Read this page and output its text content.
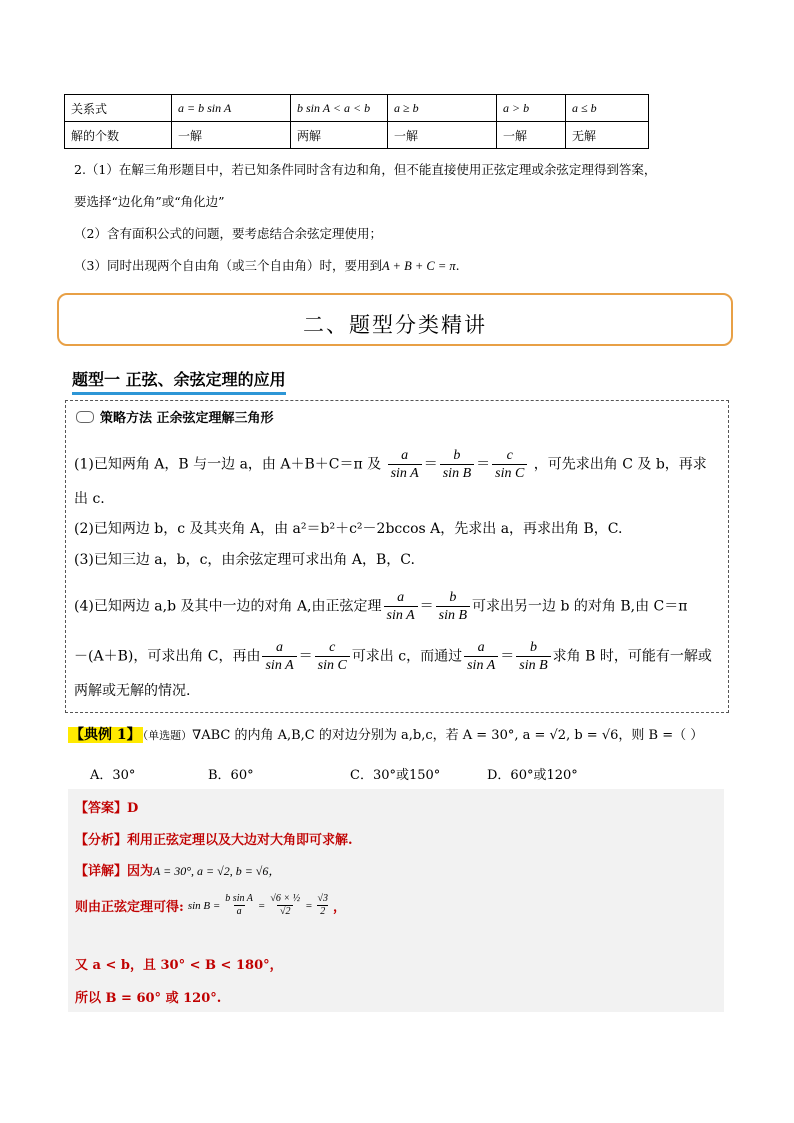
关系式	a = b sin A	b sin A < a < b	a ≥ b	a > b	a ≤ b
解的个数	一解	两解	一解	一解	无解
2.（1）在解三角形题目中，若已知条件同时含有边和角，但不能直接使用正弦定理或余弦定理得到答案，
要选择“边化角”或“角化边”
（2）含有面积公式的问题，要考虑结合余弦定理使用；
（3）同时出现两个自由角（或三个自由角）时，要用到A + B + C = π.
二、题型分类精讲
题型一 正弦、余弦定理的应用
策略方法 正余弦定理解三角形
(1)已知两角 A，B 与一边 a，由 A＋B＋C＝π 及 $\frac{a}{\text{sin A}} = \frac{b}{\text{sin B}} = \frac{c}{\text{sin C}}$ ，可先求出角 C 及 b，再求
出 c.
(2)已知两边 b，c 及其夹角 A，由 a²＝b²＋c²－2bccos A，先求出 a，再求出角 B，C.
(3)已知三边 a，b，c，由余弦定理可求出角 A，B，C.
(4)已知两边 a,b 及其中一边的对角 A,由正弦定理 $\frac{a}{\text{sin A}} = \frac{b}{\text{sin B}}$ 可求出另一边 b 的对角 B,由 C＝π
－(A＋B)，可求出角 C，再由 $\frac{a}{\text{sin A}} = \frac{c}{\text{sin C}}$ 可求出 c，而通过 $\frac{a}{\text{sin A}} = \frac{b}{\text{sin B}}$ 求角 B 时，可能有一解或
两解或无解的情况.
【典例 1】 （单选题）∇ABC 的内角 A,B,C 的对边分别为 a,b,c，若 A = 30°, a = √2, b = √6，则 B =（ ）
A．30°	B．60°	C．30°或150°	D．60°或120°
【答案】D
【分析】利用正弦定理以及大边对大角即可求解.
【详解】因为A = 30°, a = √2, b = √6，
则由正弦定理可得: $\sin B = \frac{\text{b sin A}}{a} = \frac{\text{√6 × ½}}{√2} = \frac{√3}{2}$ ，
又 a < b，且 30° < B < 180°，
所以 B = 60° 或 120°.
